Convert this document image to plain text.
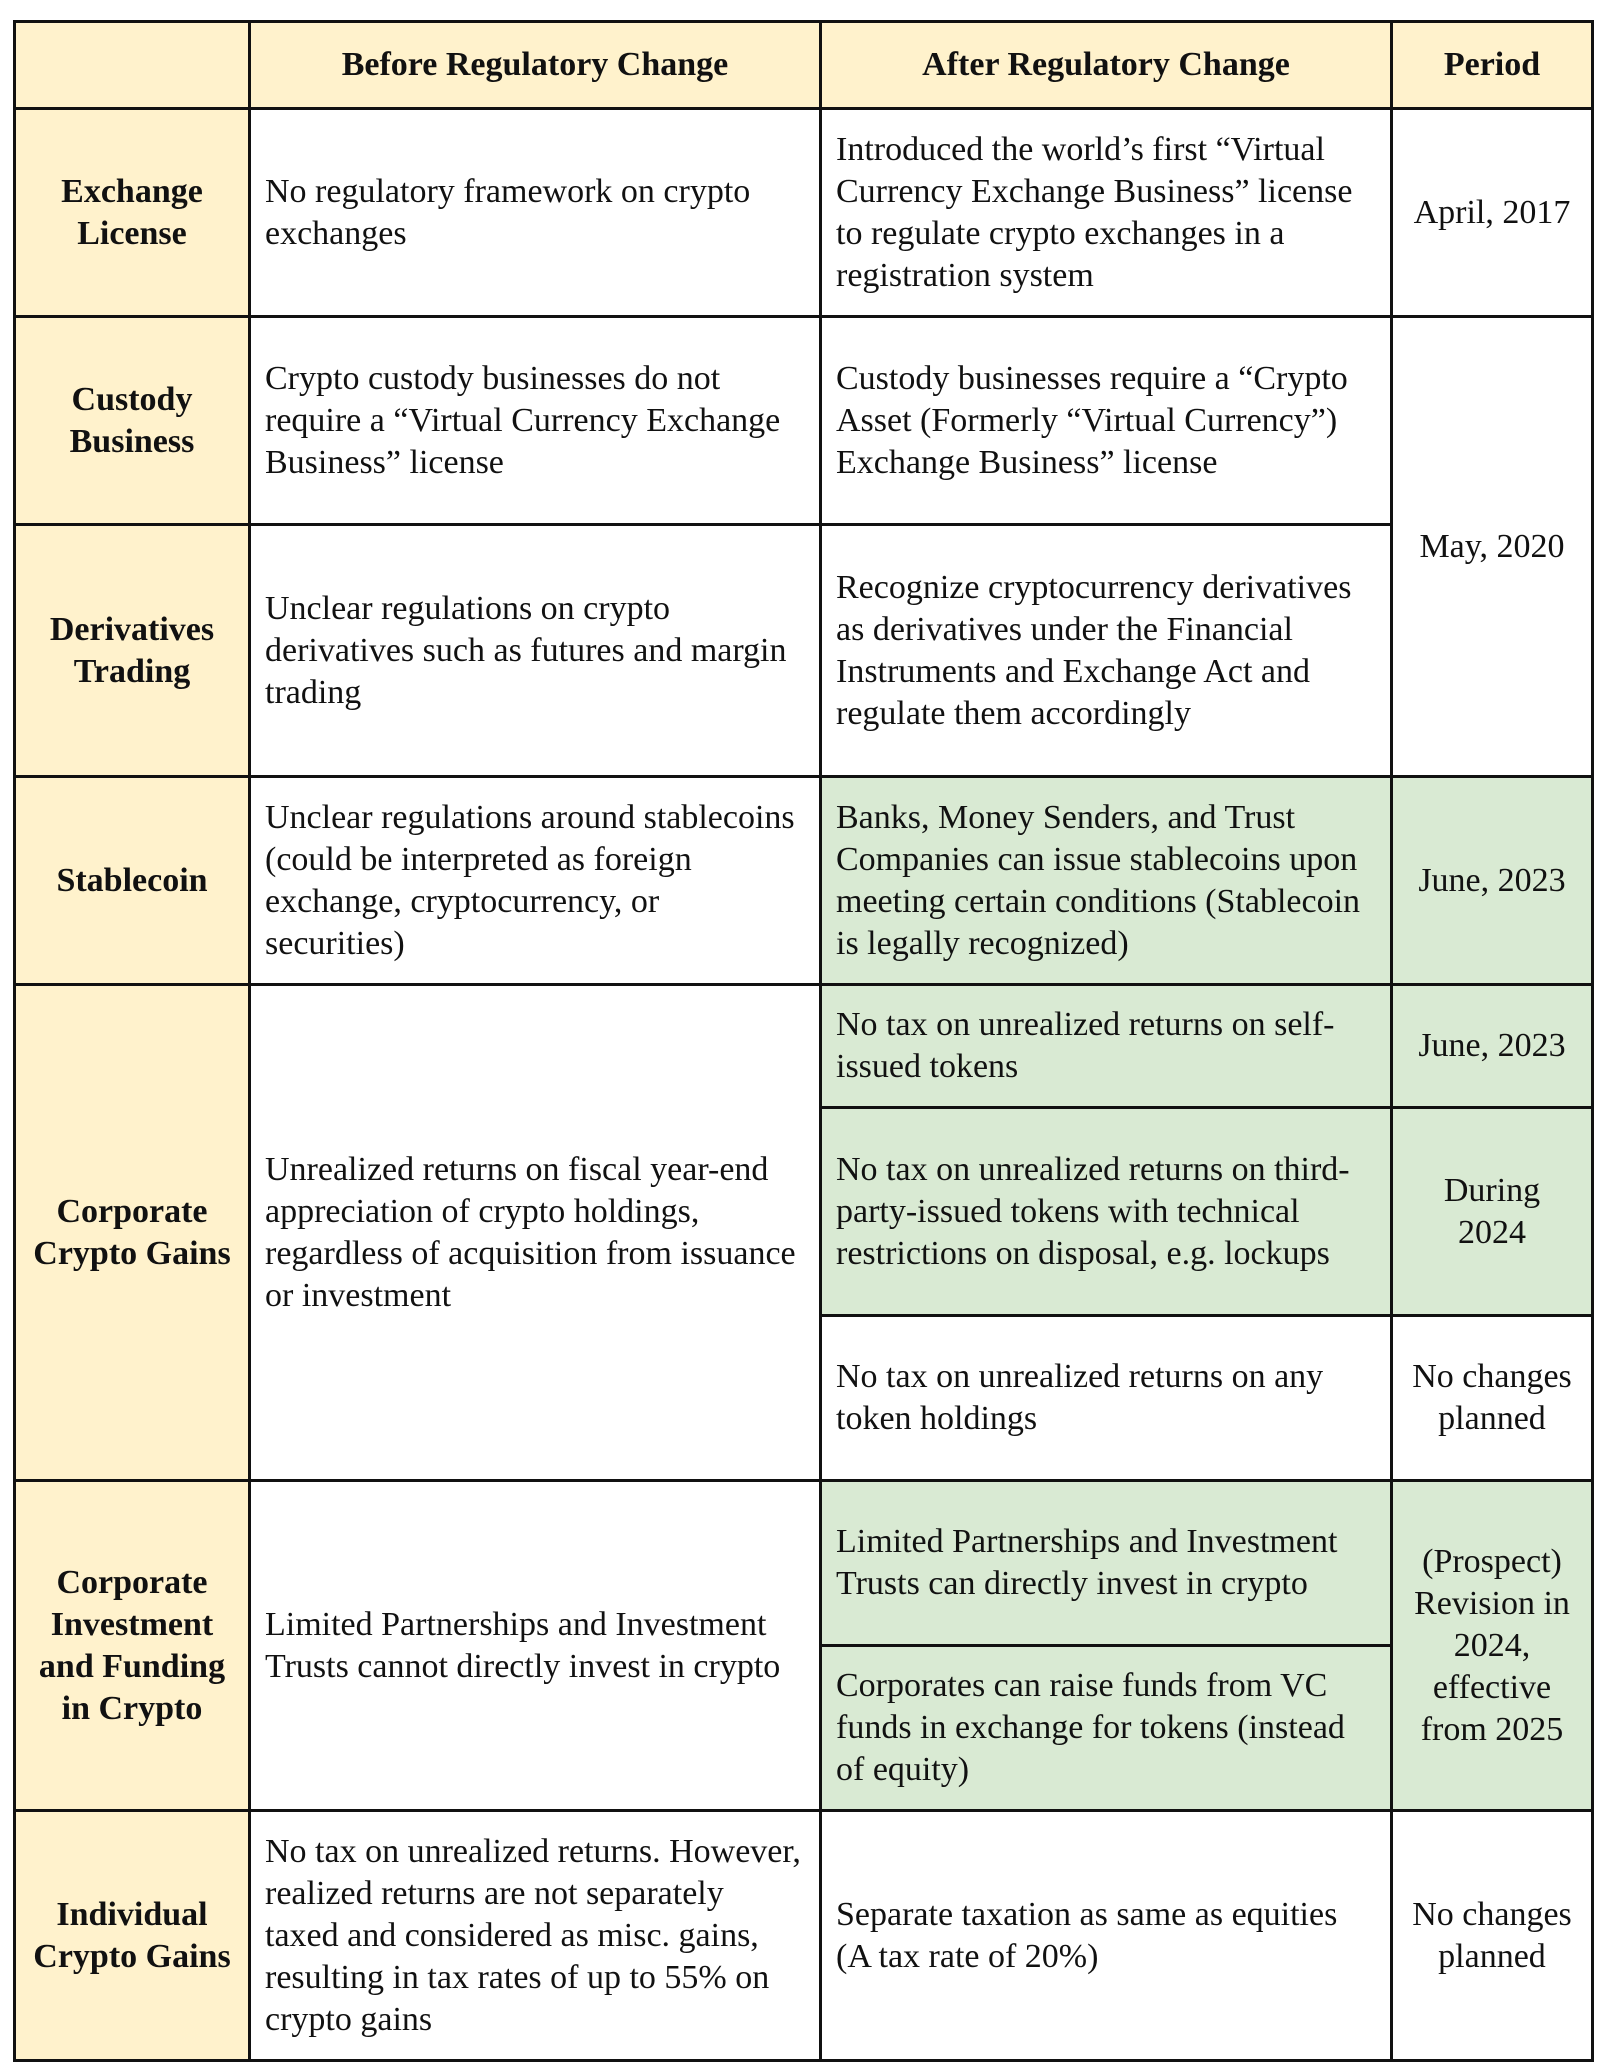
	Before Regulatory Change	After Regulatory Change	Period
Exchange License	No regulatory framework on crypto exchanges	Introduced the world’s first “Virtual Currency Exchange Business” license to regulate crypto exchanges in a registration system	April, 2017
Custody Business	Crypto custody businesses do not require a “Virtual Currency Exchange Business” license	Custody businesses require a “Crypto Asset (Formerly “Virtual Currency”) Exchange Business” license	May, 2020
Derivatives Trading	Unclear regulations on crypto derivatives such as futures and margin trading	Recognize cryptocurrency derivatives as derivatives under the Financial Instruments and Exchange Act and regulate them accordingly	
Stablecoin	Unclear regulations around stablecoins (could be interpreted as foreign exchange, cryptocurrency, or securities)	Banks, Money Senders, and Trust Companies can issue stablecoins upon meeting certain conditions (Stablecoin is legally recognized)	June, 2023
Corporate Crypto Gains	Unrealized returns on fiscal year-end appreciation of crypto holdings, regardless of acquisition from issuance or investment	No tax on unrealized returns on self-issued tokens	June, 2023
		No tax on unrealized returns on third-party-issued tokens with technical restrictions on disposal, e.g. lockups	During 2024
		No tax on unrealized returns on any token holdings	No changes planned
Corporate Investment and Funding in Crypto	Limited Partnerships and Investment Trusts cannot directly invest in crypto	Limited Partnerships and Investment Trusts can directly invest in crypto	(Prospect) Revision in 2024, effective from 2025
		Corporates can raise funds from VC funds in exchange for tokens (instead of equity)	
Individual Crypto Gains	No tax on unrealized returns. However, realized returns are not separately taxed and considered as misc. gains, resulting in tax rates of up to 55% on crypto gains	Separate taxation as same as equities (A tax rate of 20%)	No changes planned
